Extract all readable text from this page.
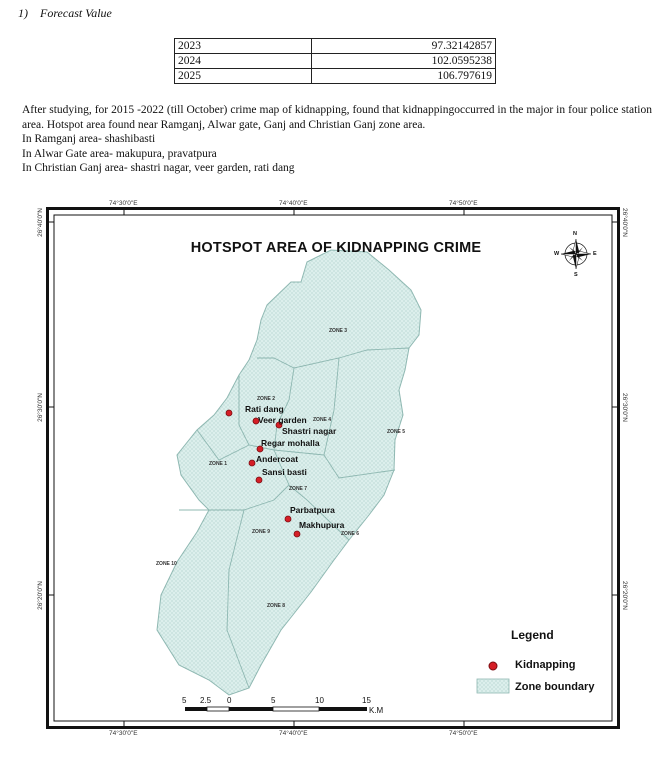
1) Forecast Value
2023	97.32142857
2024	102.0595238
2025	106.797619

After studying, for 2015 -2022 (till October) crime map of kidnapping, found that kidnappingoccurred in the major in four police station area. Hotspot area found near Ramganj, Alwar gate, Ganj and Christian Ganj zone area.

In Ramganj area- shashibasti

In Alwar Gate area- makupura, pravatpura

In Christian Ganj area- shastri nagar, veer garden, rati dang

74°30'0"E	74°40'0"E	74°50'0"E
74°30'0"E	74°40'0"E	74°50'0"E
26°40'0"N
26°30'0"N
26°20'0"N
26°40'0"N
26°30'0"N
26°20'0"N
HOTSPOT AREA OF KIDNAPPING CRIME
N
S
E
W
ZONE 1
ZONE 2
ZONE 3
ZONE 4
ZONE 5
ZONE 6
ZONE 7
ZONE 8
ZONE 9
ZONE 10
Rati dang
Veer garden
Shastri nagar
Regar mohalla
Andercoat
Sansi basti
Parbatpura
Makhupura
Legend
Kidnapping
Zone boundary
5 2.5 0	5	10	15
K.M
